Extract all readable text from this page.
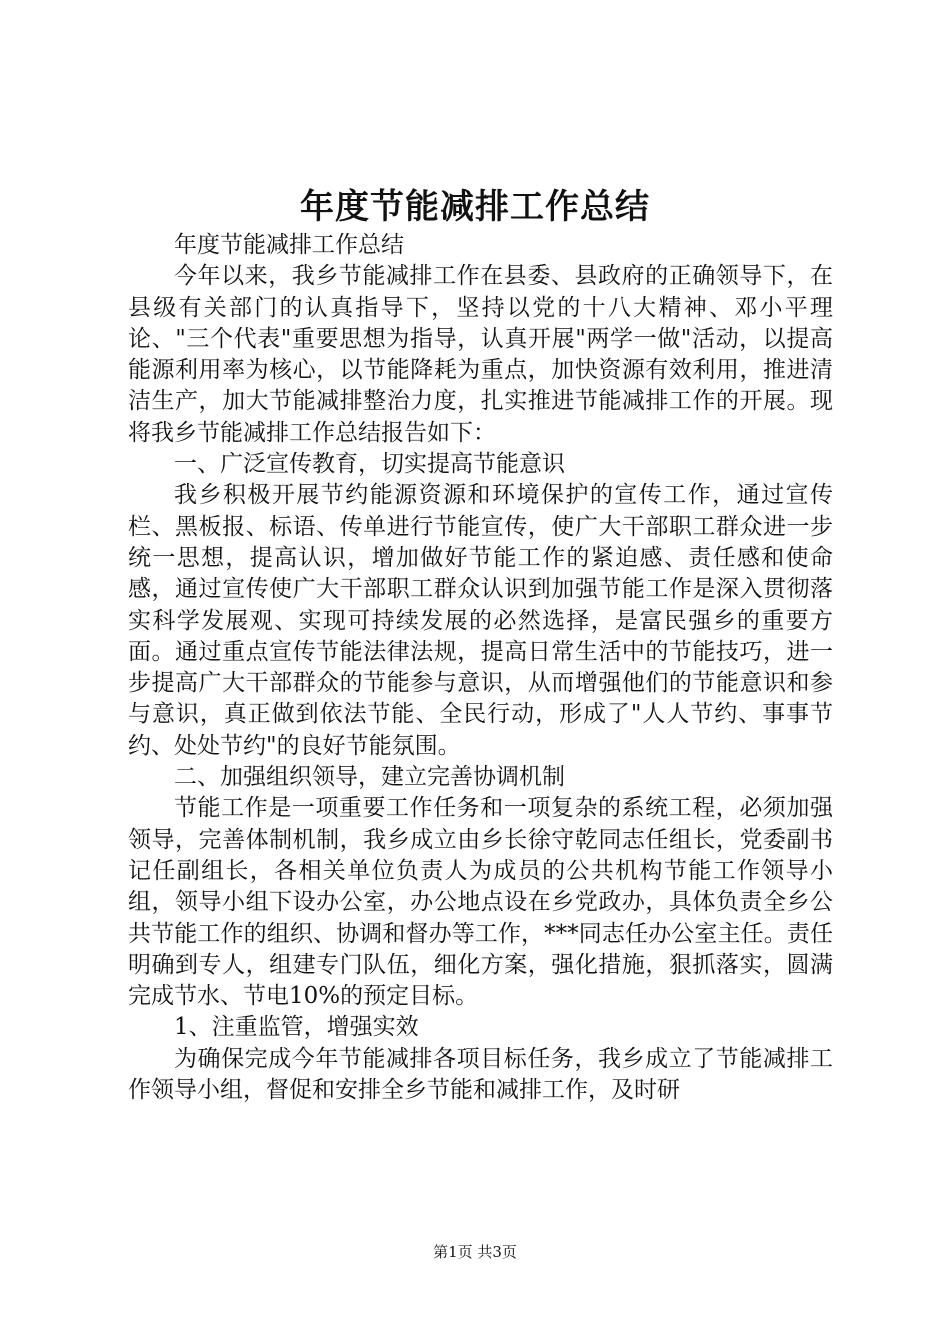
年度节能减排工作总结

年度节能减排工作总结

今年以来，我乡节能减排工作在县委、县政府的正确领导下，在县级有关部门的认真指导下，坚持以党的十八大精神、邓小平理论、"三个代表"重要思想为指导，认真开展"两学一做"活动，以提高能源利用率为核心，以节能降耗为重点，加快资源有效利用，推进清洁生产，加大节能减排整治力度，扎实推进节能减排工作的开展。现将我乡节能减排工作总结报告如下：

一、广泛宣传教育，切实提高节能意识

我乡积极开展节约能源资源和环境保护的宣传工作，通过宣传栏、黑板报、标语、传单进行节能宣传，使广大干部职工群众进一步统一思想，提高认识，增加做好节能工作的紧迫感、责任感和使命感，通过宣传使广大干部职工群众认识到加强节能工作是深入贯彻落实科学发展观、实现可持续发展的必然选择，是富民强乡的重要方面。通过重点宣传节能法律法规，提高日常生活中的节能技巧，进一步提高广大干部群众的节能参与意识，从而增强他们的节能意识和参与意识，真正做到依法节能、全民行动，形成了"人人节约、事事节约、处处节约"的良好节能氛围。

二、加强组织领导，建立完善协调机制

节能工作是一项重要工作任务和一项复杂的系统工程，必须加强领导，完善体制机制，我乡成立由乡长徐守乾同志任组长，党委副书记任副组长，各相关单位负责人为成员的公共机构节能工作领导小组，领导小组下设办公室，办公地点设在乡党政办，具体负责全乡公共节能工作的组织、协调和督办等工作，***同志任办公室主任。责任明确到专人，组建专门队伍，细化方案，强化措施，狠抓落实，圆满完成节水、节电10%的预定目标。

1、注重监管，增强实效

为确保完成今年节能减排各项目标任务，我乡成立了节能减排工作领导小组，督促和安排全乡节能和减排工作，及时研

第1页 共3页
